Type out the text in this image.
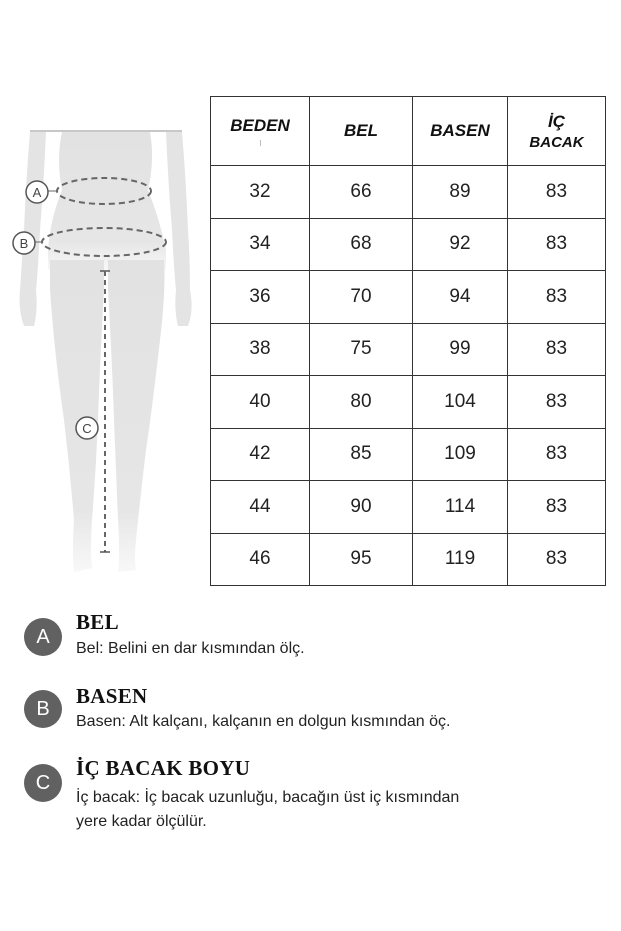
A
B
C
BEDEN	BEL	BASEN	İÇ
BACAK

32	66	89	83
34	68	92	83
36	70	94	83
38	75	99	83
40	80	104	83
42	85	109	83
44	90	114	83
46	95	119	83
A
BEL
Bel: Belini en dar kısmından ölç.
B
BASEN
Basen: Alt kalçanı, kalçanın en dolgun kısmından öç.
C
İÇ BACAK BOYU
İç bacak: İç bacak uzunluğu, bacağın üst iç kısmından
yere kadar ölçülür.
